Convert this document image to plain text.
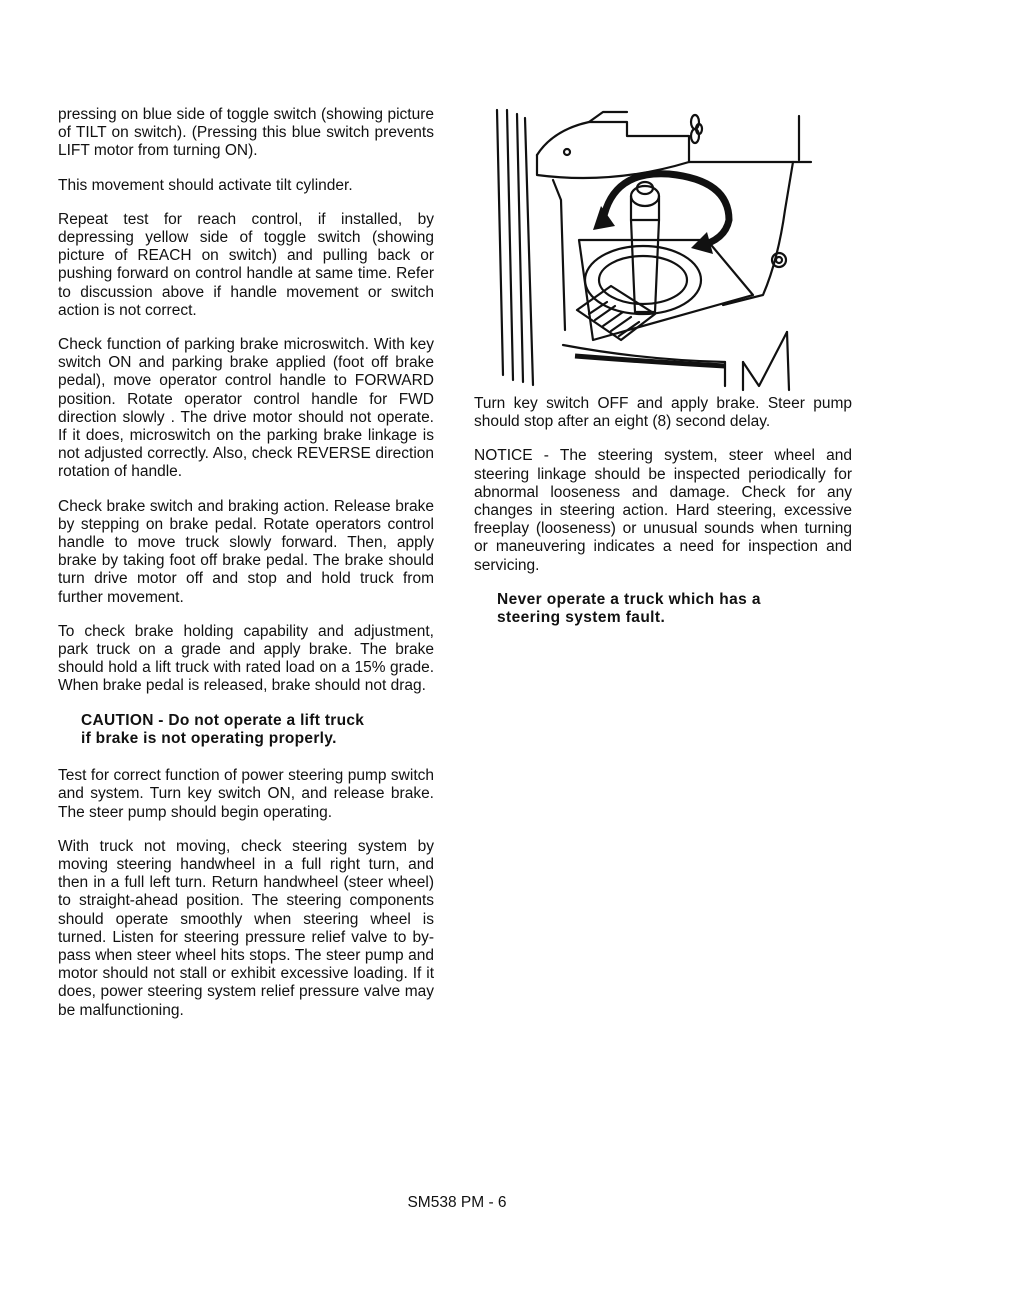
pressing on blue side of toggle switch (showing picture of TILT on switch). (Pressing this blue switch prevents LIFT motor from turning ON).

This movement should activate tilt cylinder.

Repeat test for reach control, if installed, by depressing yellow side of toggle switch (showing picture of REACH on switch) and pulling back or pushing forward on control handle at same time. Refer to discussion above if handle movement or switch action is not correct.

Check function of parking brake microswitch. With key switch ON and parking brake applied (foot off brake pedal), move operator control handle to FORWARD position. Rotate operator control handle for FWD direction slowly . The drive motor should not operate. If it does, microswitch on the parking brake linkage is not adjusted correctly. Also, check REVERSE direction rotation of handle.

Check brake switch and braking action. Release brake by stepping on brake pedal. Rotate operators control handle to move truck slowly forward. Then, apply brake by taking foot off brake pedal. The brake should turn drive motor off and stop and hold truck from further movement.

To check brake holding capability and adjustment, park truck on a grade and apply brake. The brake should hold a lift truck with rated load on a 15% grade. When brake pedal is released, brake should not drag.

CAUTION - Do not operate a lift truck
if brake is not operating properly.

Test for correct function of power steering pump switch and system. Turn key switch ON, and release brake. The steer pump should begin operating.

With truck not moving, check steering system by moving steering handwheel in a full right turn, and then in a full left turn. Return handwheel (steer wheel) to straight-ahead position. The steering components should operate smoothly when steering wheel is turned. Listen for steering pressure relief valve to by-pass when steer wheel hits stops. The steer pump and motor should not stall or exhibit excessive loading. If it does, power steering system relief pressure valve may be malfunctioning.

Turn key switch OFF and apply brake. Steer pump should stop after an eight (8) second delay.

NOTICE - The steering system, steer wheel and steering linkage should be inspected periodically for abnormal looseness and damage. Check for any changes in steering action. Hard steering, excessive freeplay (looseness) or unusual sounds when turning or maneuvering indicates a need for inspection and servicing.

Never operate a truck which has a
steering system fault.
SM538 PM - 6
